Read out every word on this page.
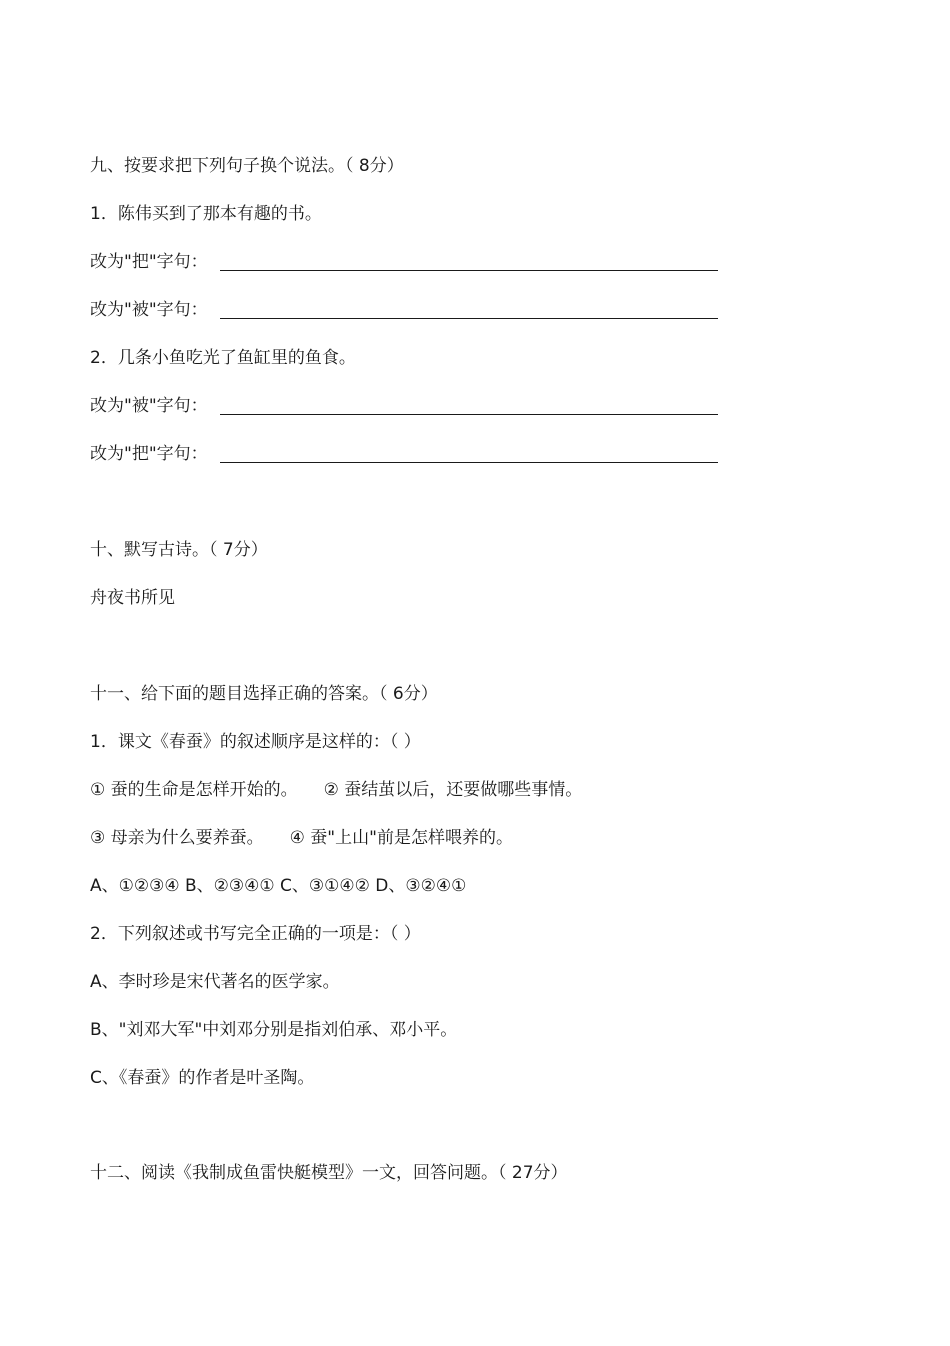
九、按要求把下列句子换个说法。（ 8分）
1．陈伟买到了那本有趣的书。
改为"把"字句：
改为"被"字句：
2．几条小鱼吃光了鱼缸里的鱼食。
改为"被"字句：
改为"把"字句：
十、默写古诗。（ 7分）
舟夜书所见
十一、给下面的题目选择正确的答案。（ 6分）
1．课文《春蚕》的叙述顺序是这样的：（ ）
① 蚕的生命是怎样开始的。 ② 蚕结茧以后，还要做哪些事情。
③ 母亲为什么要养蚕。 ④ 蚕"上山"前是怎样喂养的。
A、①②③④ B、②③④① C、③①④② D、③②④①
2．下列叙述或书写完全正确的一项是：（ ）
A、李时珍是宋代著名的医学家。
B、"刘邓大军"中刘邓分别是指刘伯承、邓小平。
C、《春蚕》的作者是叶圣陶。
十二、阅读《我制成鱼雷快艇模型》一文，回答问题。（ 27分）
